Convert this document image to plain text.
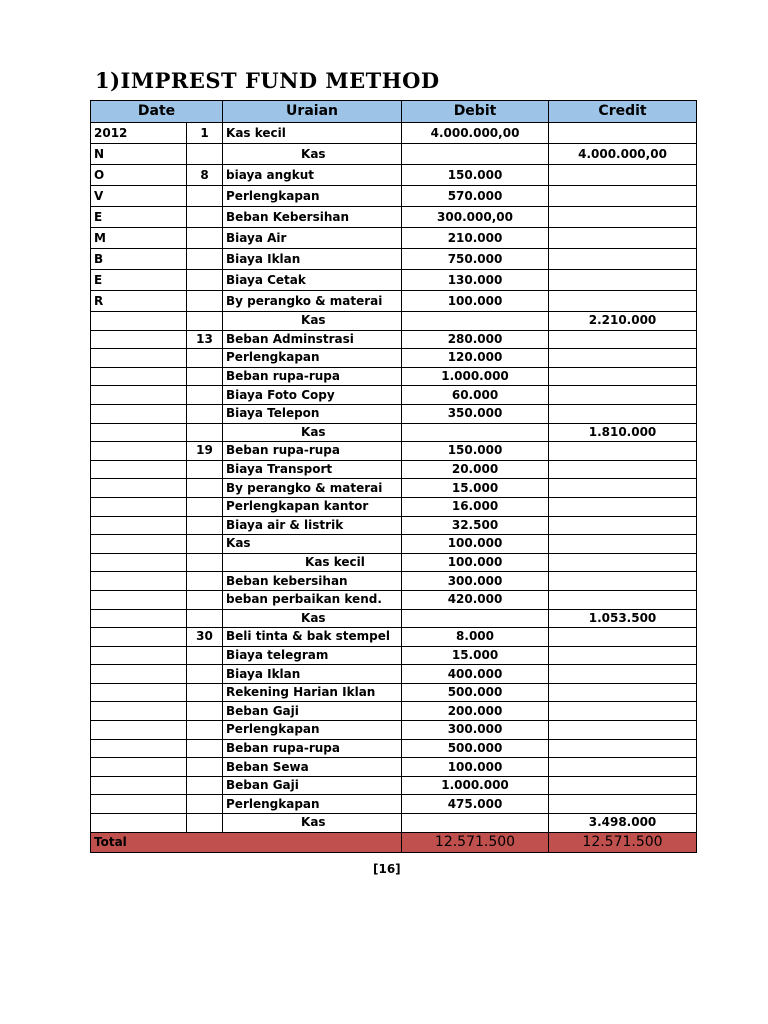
1)IMPREST FUND METHOD
Date		Uraian	Debit	Credit
2012	1	Kas kecil	4.000.000,00	
N		Kas		4.000.000,00
O	8	biaya angkut	150.000	
V		Perlengkapan	570.000	
E		Beban Kebersihan	300.000,00	
M		Biaya Air	210.000	
B		Biaya Iklan	750.000	
E		Biaya Cetak	130.000	
R		By perangko & materai	100.000	
		Kas		2.210.000
	13	Beban Adminstrasi	280.000	
		Perlengkapan	120.000	
		Beban rupa-rupa	1.000.000	
		Biaya Foto Copy	60.000	
		Biaya Telepon	350.000	
		Kas		1.810.000
	19	Beban rupa-rupa	150.000	
		Biaya Transport	20.000	
		By perangko & materai	15.000	
		Perlengkapan kantor	16.000	
		Biaya air & listrik	32.500	
		Kas	100.000	
		Kas kecil	100.000	
		Beban kebersihan	300.000	
		beban perbaikan kend.	420.000	
		Kas		1.053.500
	30	Beli tinta & bak stempel	8.000	
		Biaya telegram	15.000	
		Biaya Iklan	400.000	
		Rekening Harian Iklan	500.000	
		Beban Gaji	200.000	
		Perlengkapan	300.000	
		Beban rupa-rupa	500.000	
		Beban Sewa	100.000	
		Beban Gaji	1.000.000	
		Perlengkapan	475.000	
		Kas		3.498.000
Total			12.571.500	12.571.500
[16]
